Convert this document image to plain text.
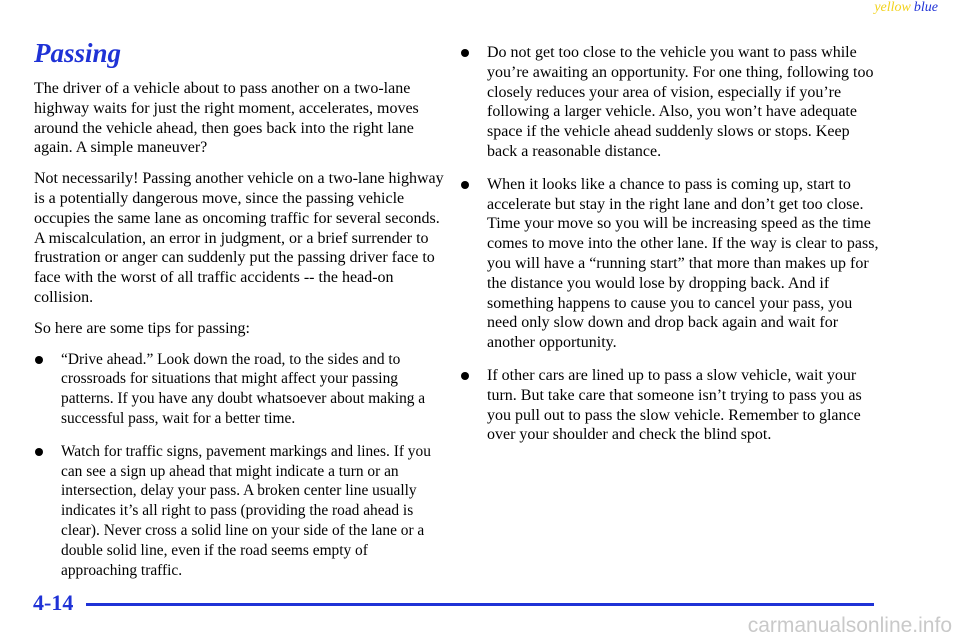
yellow blue
Passing

The driver of a vehicle about to pass another on a two-lane highway waits for just the right moment, accelerates, moves around the vehicle ahead, then goes back into the right lane again. A simple maneuver?

Not necessarily! Passing another vehicle on a two-lane highway is a potentially dangerous move, since the passing vehicle occupies the same lane as oncoming traffic for several seconds. A miscalculation, an error in judgment, or a brief surrender to frustration or anger can suddenly put the passing driver face to face with the worst of all traffic accidents -- the head-on collision.

So here are some tips for passing:

“Drive ahead.” Look down the road, to the sides and to crossroads for situations that might affect your passing patterns. If you have any doubt whatsoever about making a successful pass, wait for a better time.
Watch for traffic signs, pavement markings and lines. If you can see a sign up ahead that might indicate a turn or an intersection, delay your pass. A broken center line usually indicates it’s all right to pass (providing the road ahead is clear). Never cross a solid line on your side of the lane or a double solid line, even if the road seems empty of approaching traffic.
Do not get too close to the vehicle you want to pass while you’re awaiting an opportunity. For one thing, following too closely reduces your area of vision, especially if you’re following a larger vehicle. Also, you won’t have adequate space if the vehicle ahead suddenly slows or stops. Keep back a reasonable distance.
When it looks like a chance to pass is coming up, start to accelerate but stay in the right lane and don’t get too close. Time your move so you will be increasing speed as the time comes to move into the other lane. If the way is clear to pass, you will have a “running start” that more than makes up for the distance you would lose by dropping back. And if something happens to cause you to cancel your pass, you need only slow down and drop back again and wait for another opportunity.
If other cars are lined up to pass a slow vehicle, wait your turn. But take care that someone isn’t trying to pass you as you pull out to pass the slow vehicle. Remember to glance over your shoulder and check the blind spot.
4-14
carmanualsonline.info
